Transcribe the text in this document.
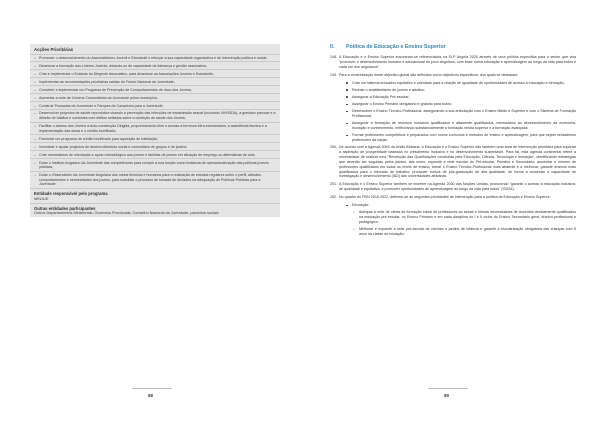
Acções Prioritárias
– Promover o desenvolvimento do Associativismo Juvenil e Estudantil e reforçar a sua capacidade organizativa e de intervenção política e social;
– Dinamizar a formação dos Líderes Juvenis, dotando-os de capacidade de liderança e gestão associativa;
– Criar e implementar o Estatuto do Dirigente Associativo, para dinamizar as Associações Juvenis e Estudantis;
– Implementar as recomendações prioritárias saídas do Fórum Nacional da Juventude;
– Conceber e implementar um Programa de Prevenção de Comportamentos de risco dos Jovens;
– Aumentar a rede de Centros Comunitários da Juventude pelos municípios;
– Construir Pousadas da Juventude e Parques de Campismo para a Juventude;
– Desenvolver projectos de saúde reprodutiva visando a prevenção das infecções de transmissão sexual (incluindo VIH/SIDA), a gravidez precoce e a difusão de hábitos e costumes com efeitos nefastos sobre a condição de saúde dos Jovens;
– Facilitar o acesso dos Jovens à Auto-construção Dirigida, proporcionando-lhes o acesso a terrenos infra-estruturados, a assistência técnica e a implementação das obras e o crédito bonificado;
– Fomentar um programa de crédito bonificado para aquisição de habitação;
– Incentivar e apoiar projectos de desenvolvimento social e comunitário de grupos e de jovens;
– Criar mecanismos de orientação e apoio metodológico aos jovens e famílias de jovens em situação de emprego ou alternativas de vida;
– Dotar o Instituto Angolano da Juventude das competências para cumprir a sua função como instância de operacionalização das políticas juvenis públicas;
– Dotar o Observatório da Juventude Angolana dos meios técnicos e humanos para a realização de estudos regulares sobre o perfil, atitudes, comportamentos e necessidades dos jovens, para subsidiar o processo de tomada de decisões na adequação de Políticas Públicas para a Juventude.
Entidade responsável pelo programa
MINJUD
Outras entidades participantes
Outros Departamentos Ministeriais, Governos Provinciais, Conselho Nacional da Juventude, parceiros sociais
88
II. Política de Educação e Ensino Superior
248. A Educação e o Ensino Superior encontram-se referenciados na ELP Angola 2025 através de uma política específica para o sector que visa "promover o desenvolvimento humano e educacional do povo angolano, com base numa educação e aprendizagem ao longo da vida para todos e cada um dos angolanos".
249. Para a concretização deste objectivo global são definidos como objectivos específicos, dos quais se destacam:
Criar um sistema educativo equitativo e orientado para a criação de igualdade de oportunidades de acesso à educação e formação;
Reduzir o analfabetismo de jovens e adultos;
Assegurar a Educação Pré-escolar;
Assegurar o Ensino Primário obrigatório e gratuito para todos;
Desenvolver o Ensino Técnico-Profissional, assegurando a sua articulação com o Ensino Médio e Superior e com o Sistema de Formação Profissional;
Assegurar a formação de recursos humanos qualificados e altamente qualificados, necessários ao desenvolvimento da economia, inovação e conhecimento, melhorando substancialmente a formação média superior e a formação avançada;
Formar professores competitivos e preparados com novos currículos e métodos de ensino e aprendizagem, para que sejam verdadeiros professores da nação.
250. De acordo com a Agenda 2063 da União Africana, a Educação e o Ensino Superior são também uma área de intervenção prioritária para suportar a aspiração de prosperidade baseada no crescimento inclusivo e no desenvolvimento sustentável. Para tal, esta agenda continental refere a necessidade de realizar uma "Revolução das Qualificações conduzida pela Educação, Ciência, Tecnologia e Inovação", identificando estratégias que deverão ser seguidas pelos países, tais como: expandir a rede escolar do Pré-escolar, Primário e Secundário; aumentar o número de professores qualificados em todos os níveis de ensino; tornar o Ensino Técnico-Profissional mais atraente e a melhorar; garantir ensinos mais qualificados para o mercado de trabalho; promover cursos de pós-graduação de alta qualidade, de forma a aumentar a capacidade de investigação e desenvolvimento (I&D) das universidades africanas.
251. A Educação e o Ensino Superior também se inserem na Agenda 2030 das Nações Unidas, procurando "garantir o acesso à educação inclusiva, de qualidade e equitativa, e promover oportunidades de aprendizagem ao longo da vida para todos" (ODS4).
252. No quadro do PDN 2018-2022, definem-se as seguintes prioridades de intervenção para a política de Educação e Ensino Superior:
Educação:
– Adequar a rede de oferta de formação inicial de professores ao actual e futuras necessidades de docentes devidamente qualificados na educação pré-escolar, no Ensino Primário e em cada disciplina do I e II ciclos do Ensino Secundário geral, técnico-profissional e pedagógico;
– Melhorar e expandir a rede pré-escolar de creches e jardins de infância e garantir a escolarização obrigatória das crianças com 5 anos na classe de iniciação;
89
